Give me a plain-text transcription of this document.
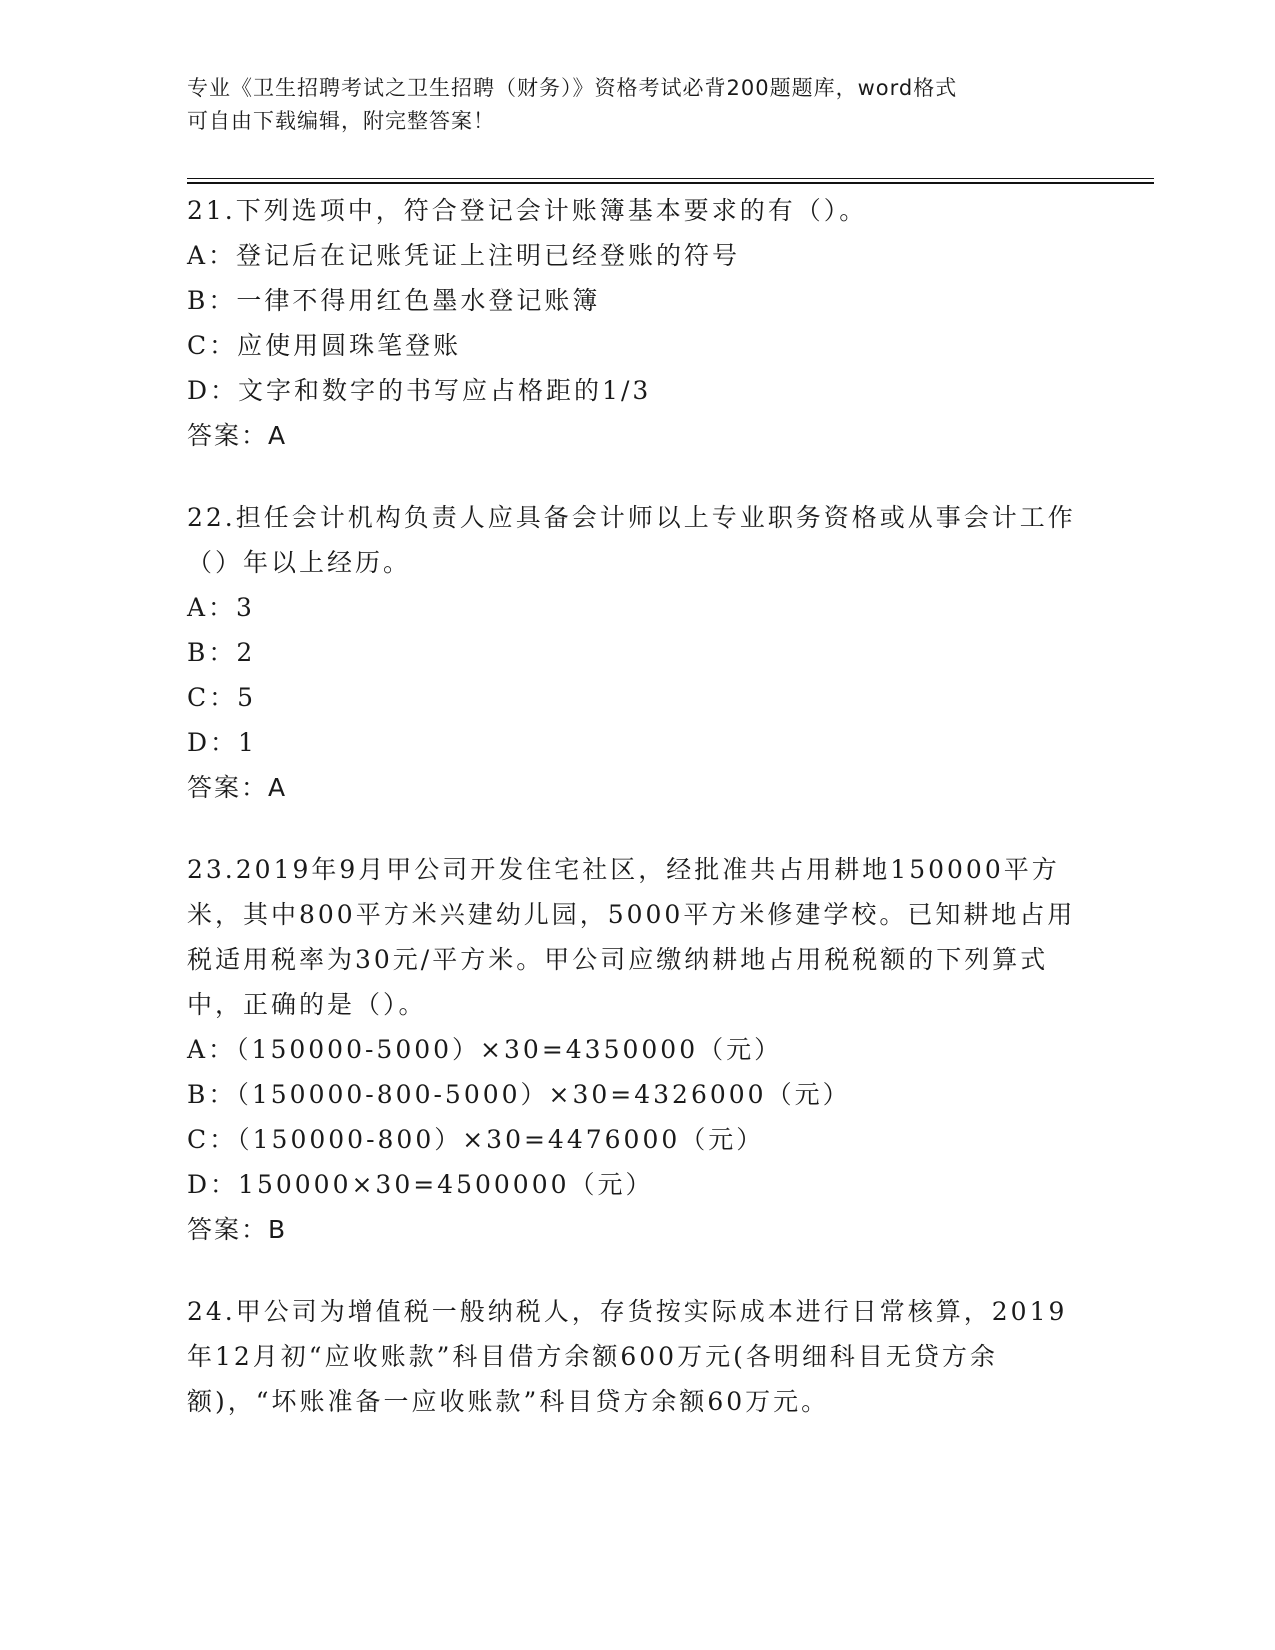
专业《卫生招聘考试之卫生招聘（财务）》资格考试必背200题题库，word格式
可自由下载编辑，附完整答案！

21.下列选项中，符合登记会计账簿基本要求的有（）。

A：登记后在记账凭证上注明已经登账的符号

B：一律不得用红色墨水登记账簿

C：应使用圆珠笔登账

D：文字和数字的书写应占格距的1/3

答案：A

22.担任会计机构负责人应具备会计师以上专业职务资格或从事会计工作（）年以上经历。

A：3

B：2

C：5

D：1

答案：A

23.2019年9月甲公司开发住宅社区，经批准共占用耕地150000平方米，其中800平方米兴建幼儿园，5000平方米修建学校。已知耕地占用税适用税率为30元/平方米。甲公司应缴纳耕地占用税税额的下列算式中，正确的是（）。

A：（150000-5000）×30=4350000（元）

B：（150000-800-5000）×30=4326000（元）

C：（150000-800）×30=4476000（元）

D：150000×30=4500000（元）

答案：B

24.甲公司为增值税一般纳税人，存货按实际成本进行日常核算，2019年12月初“应收账款”科目借方余额600万元(各明细科目无贷方余额)，“坏账准备一应收账款”科目贷方余额60万元。
